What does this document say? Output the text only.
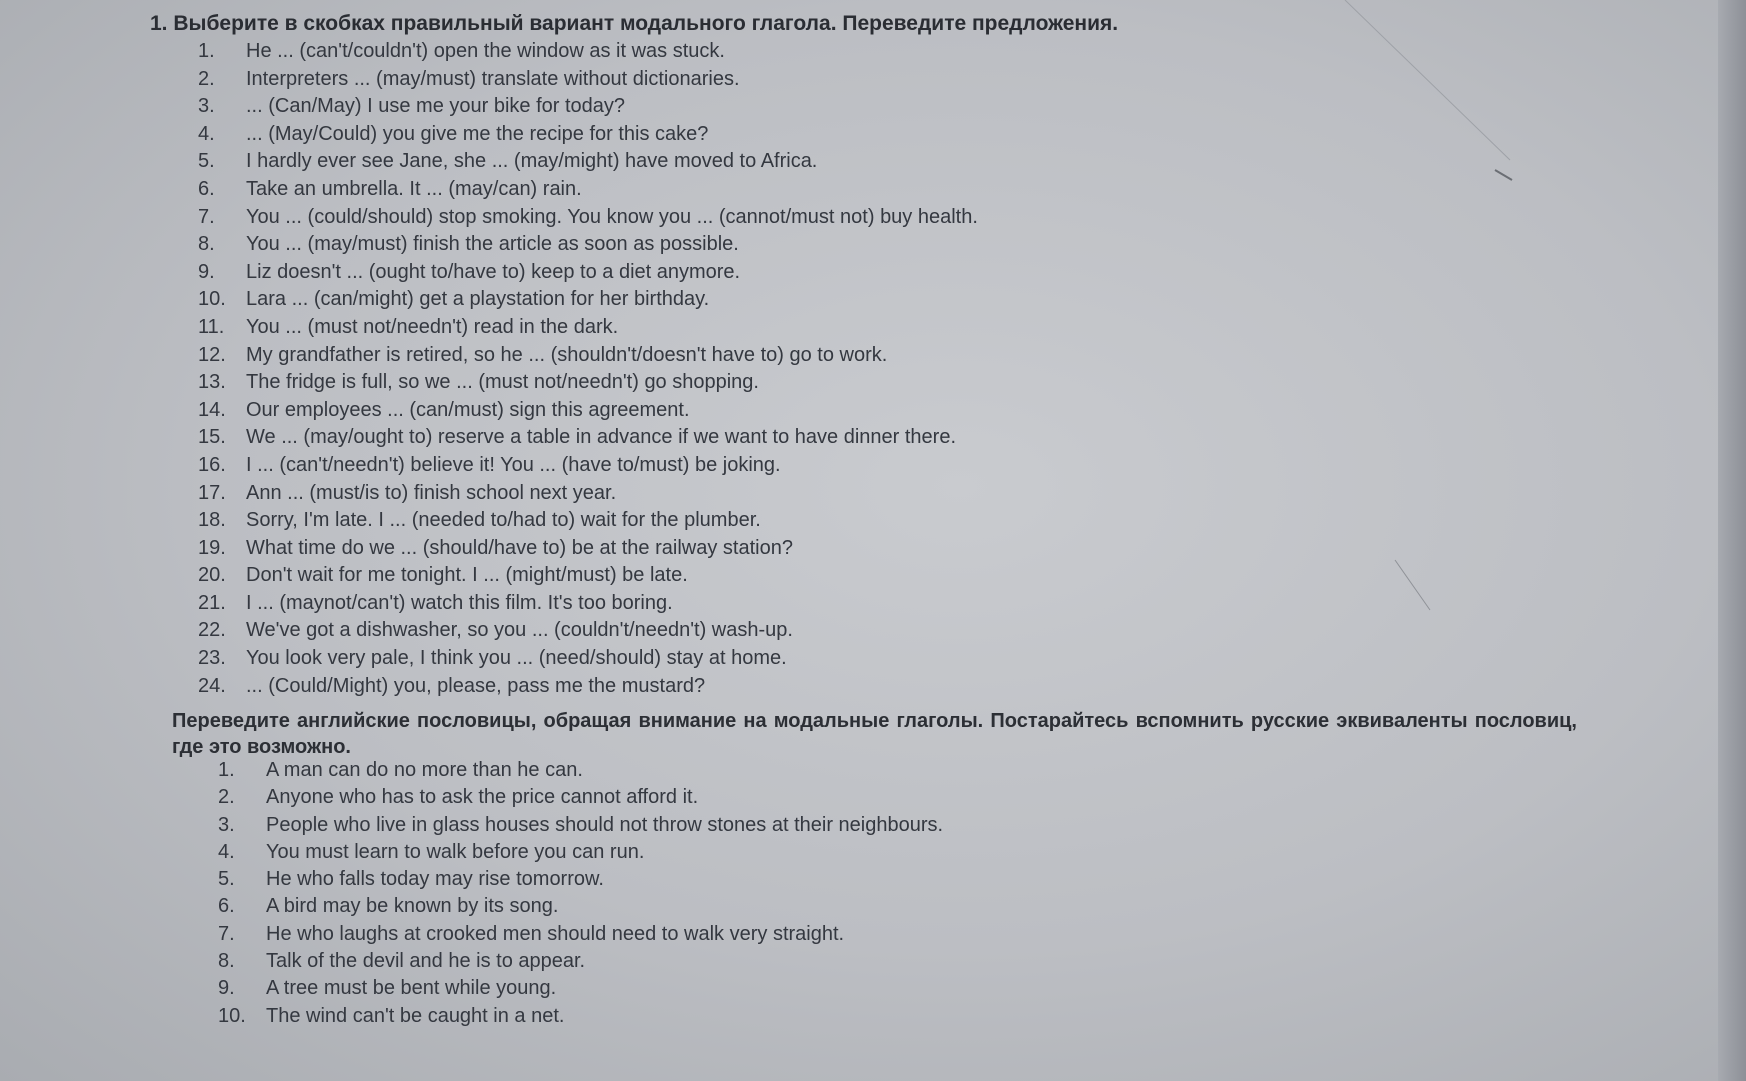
1. Выберите в скобках правильный вариант модального глагола. Переведите предложения.
1.	He ... (can't/couldn't) open the window as it was stuck.
2.	Interpreters ... (may/must) translate without dictionaries.
3.	... (Can/May) I use me your bike for today?
4.	... (May/Could) you give me the recipe for this cake?
5.	I hardly ever see Jane, she ... (may/might) have moved to Africa.
6.	Take an umbrella. It ... (may/can) rain.
7.	You ... (could/should) stop smoking. You know you ... (cannot/must not) buy health.
8.	You ... (may/must) finish the article as soon as possible.
9.	Liz doesn't ... (ought to/have to) keep to a diet anymore.
10.	Lara ... (can/might) get a playstation for her birthday.
11.	You ... (must not/needn't) read in the dark.
12.	My grandfather is retired, so he ... (shouldn't/doesn't have to) go to work.
13.	The fridge is full, so we ... (must not/needn't) go shopping.
14.	Our employees ... (can/must) sign this agreement.
15.	We ... (may/ought to) reserve a table in advance if we want to have dinner there.
16.	I ... (can't/needn't) believe it! You ... (have to/must) be joking.
17.	Ann ... (must/is to) finish school next year.
18.	Sorry, I'm late. I ... (needed to/had to) wait for the plumber.
19.	What time do we ... (should/have to) be at the railway station?
20.	Don't wait for me tonight. I ... (might/must) be late.
21.	I ... (maynot/can't) watch this film. It's too boring.
22.	We've got a dishwasher, so you ... (couldn't/needn't) wash-up.
23.	You look very pale, I think you ... (need/should) stay at home.
24.	... (Could/Might) you, please, pass me the mustard?
Переведите английские пословицы, обращая внимание на модальные глаголы. Постарайтесь вспомнить русские эквиваленты пословиц, где это возможно.
1.	A man can do no more than he can.
2.	Anyone who has to ask the price cannot afford it.
3.	People who live in glass houses should not throw stones at their neighbours.
4.	You must learn to walk before you can run.
5.	He who falls today may rise tomorrow.
6.	A bird may be known by its song.
7.	He who laughs at crooked men should need to walk very straight.
8.	Talk of the devil and he is to appear.
9.	A tree must be bent while young.
10.	The wind can't be caught in a net.
